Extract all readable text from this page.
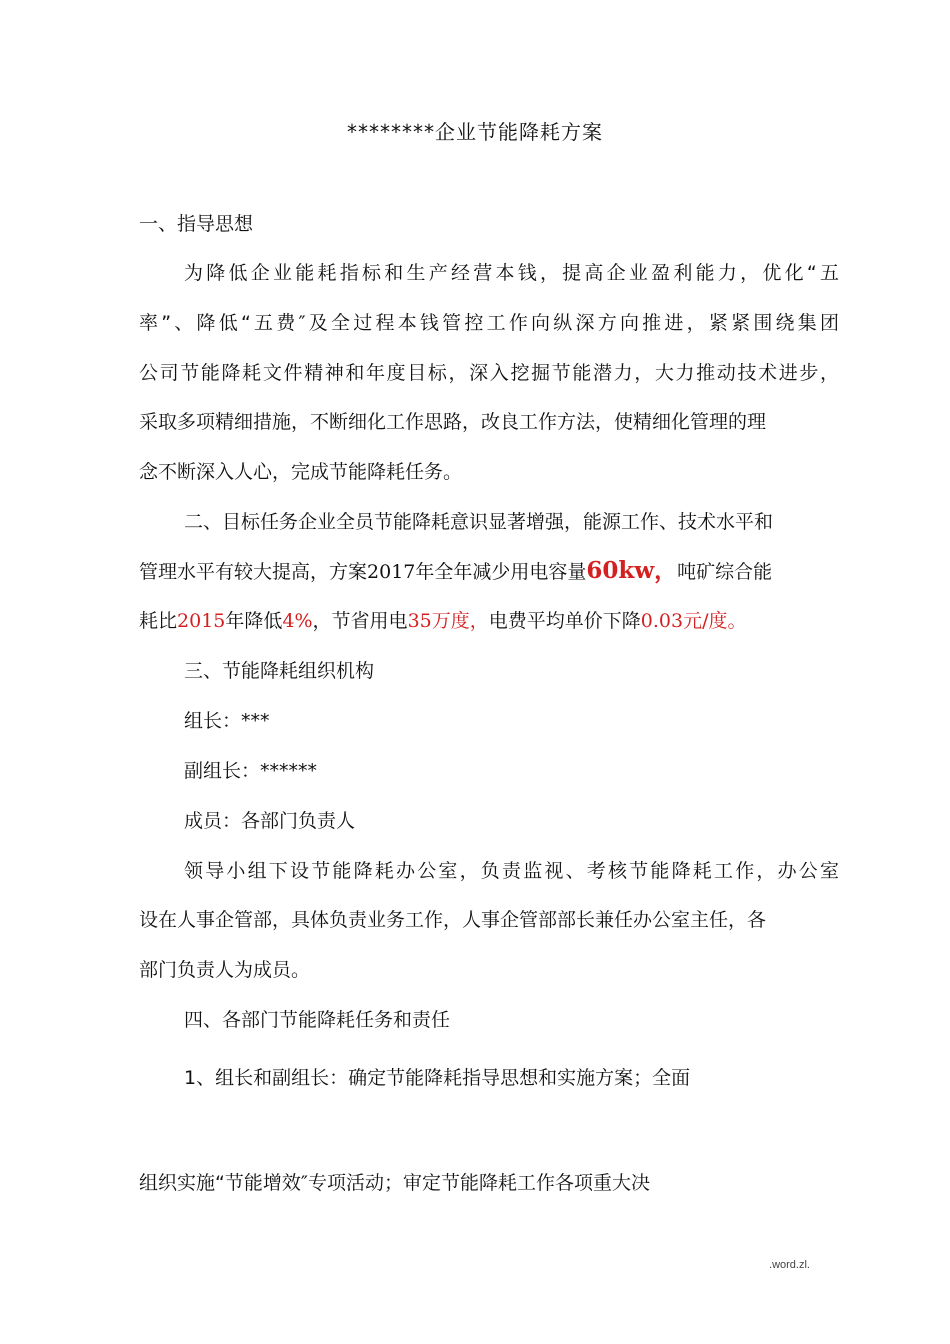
********企业节能降耗方案
一、指导思想
为降低企业能耗指标和生产经营本钱，提高企业盈利能力，优化“五
率”、降低“五费″及全过程本钱管控工作向纵深方向推进，紧紧围绕集团
公司节能降耗文件精神和年度目标，深入挖掘节能潜力，大力推动技术进步，
采取多项精细措施，不断细化工作思路，改良工作方法，使精细化管理的理
念不断深入人心，完成节能降耗任务。
二、目标任务企业全员节能降耗意识显著增强，能源工作、技术水平和
管理水平有较大提高，方案2017年全年减少用电容量60kw，吨矿综合能
耗比2015年降低4%，节省用电35万度，电费平均单价下降0.03元/度。
三、节能降耗组织机构
组长：***
副组长：******
成员：各部门负责人
领导小组下设节能降耗办公室，负责监视、考核节能降耗工作，办公室
设在人事企管部，具体负责业务工作，人事企管部部长兼任办公室主任，各
部门负责人为成员。
四、各部门节能降耗任务和责任
1、组长和副组长：确定节能降耗指导思想和实施方案；全面
组织实施“节能增效″专项活动；审定节能降耗工作各项重大决
.word.zl.
